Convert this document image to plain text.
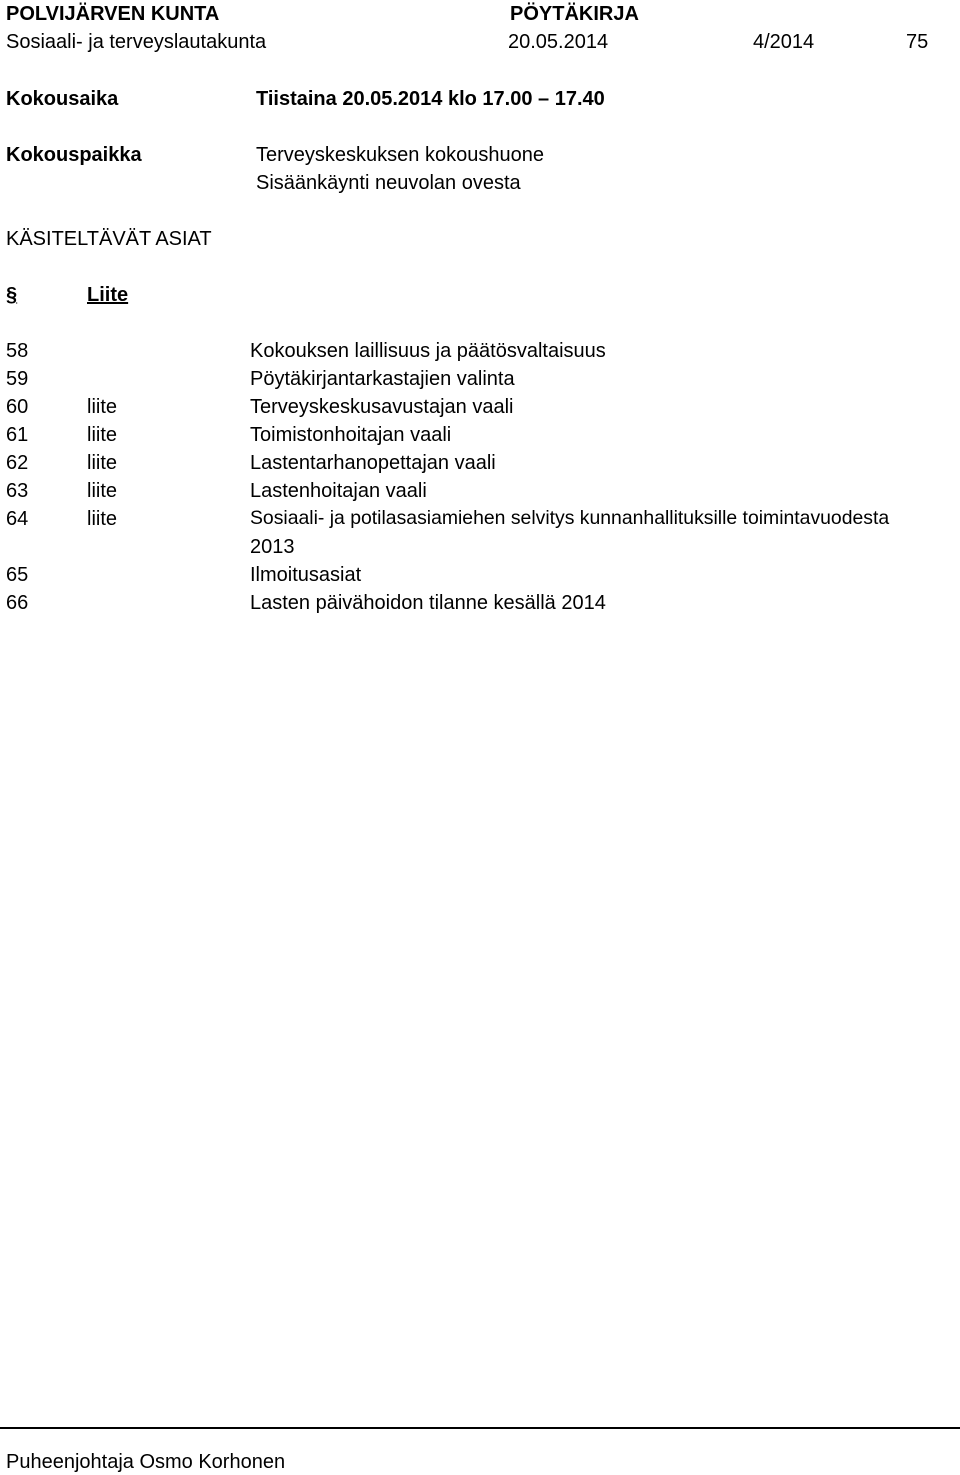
POLVIJÄRVEN KUNTA	PÖYTÄKIRJA
Sosiaali- ja terveyslautakunta	20.05.2014	4/2014	75
Kokousaika	Tiistaina 20.05.2014 klo 17.00 – 17.40
Kokouspaikka	Terveyskeskuksen kokoushuone
Sisäänkäynti neuvolan ovesta
KÄSITELTÄVÄT ASIAT
§	Liite
58	Kokouksen laillisuus ja päätösvaltaisuus
59	Pöytäkirjantarkastajien valinta
60	liite	Terveyskeskusavustajan vaali
61	liite	Toimistonhoitajan vaali
62	liite	Lastentarhanopettajan vaali
63	liite	Lastenhoitajan vaali
64	liite	Sosiaali- ja potilasasiamiehen selvitys kunnanhallituksille toimintavuodesta
2013
65	Ilmoitusasiat
66	Lasten päivähoidon tilanne kesällä 2014
Puheenjohtaja Osmo Korhonen
